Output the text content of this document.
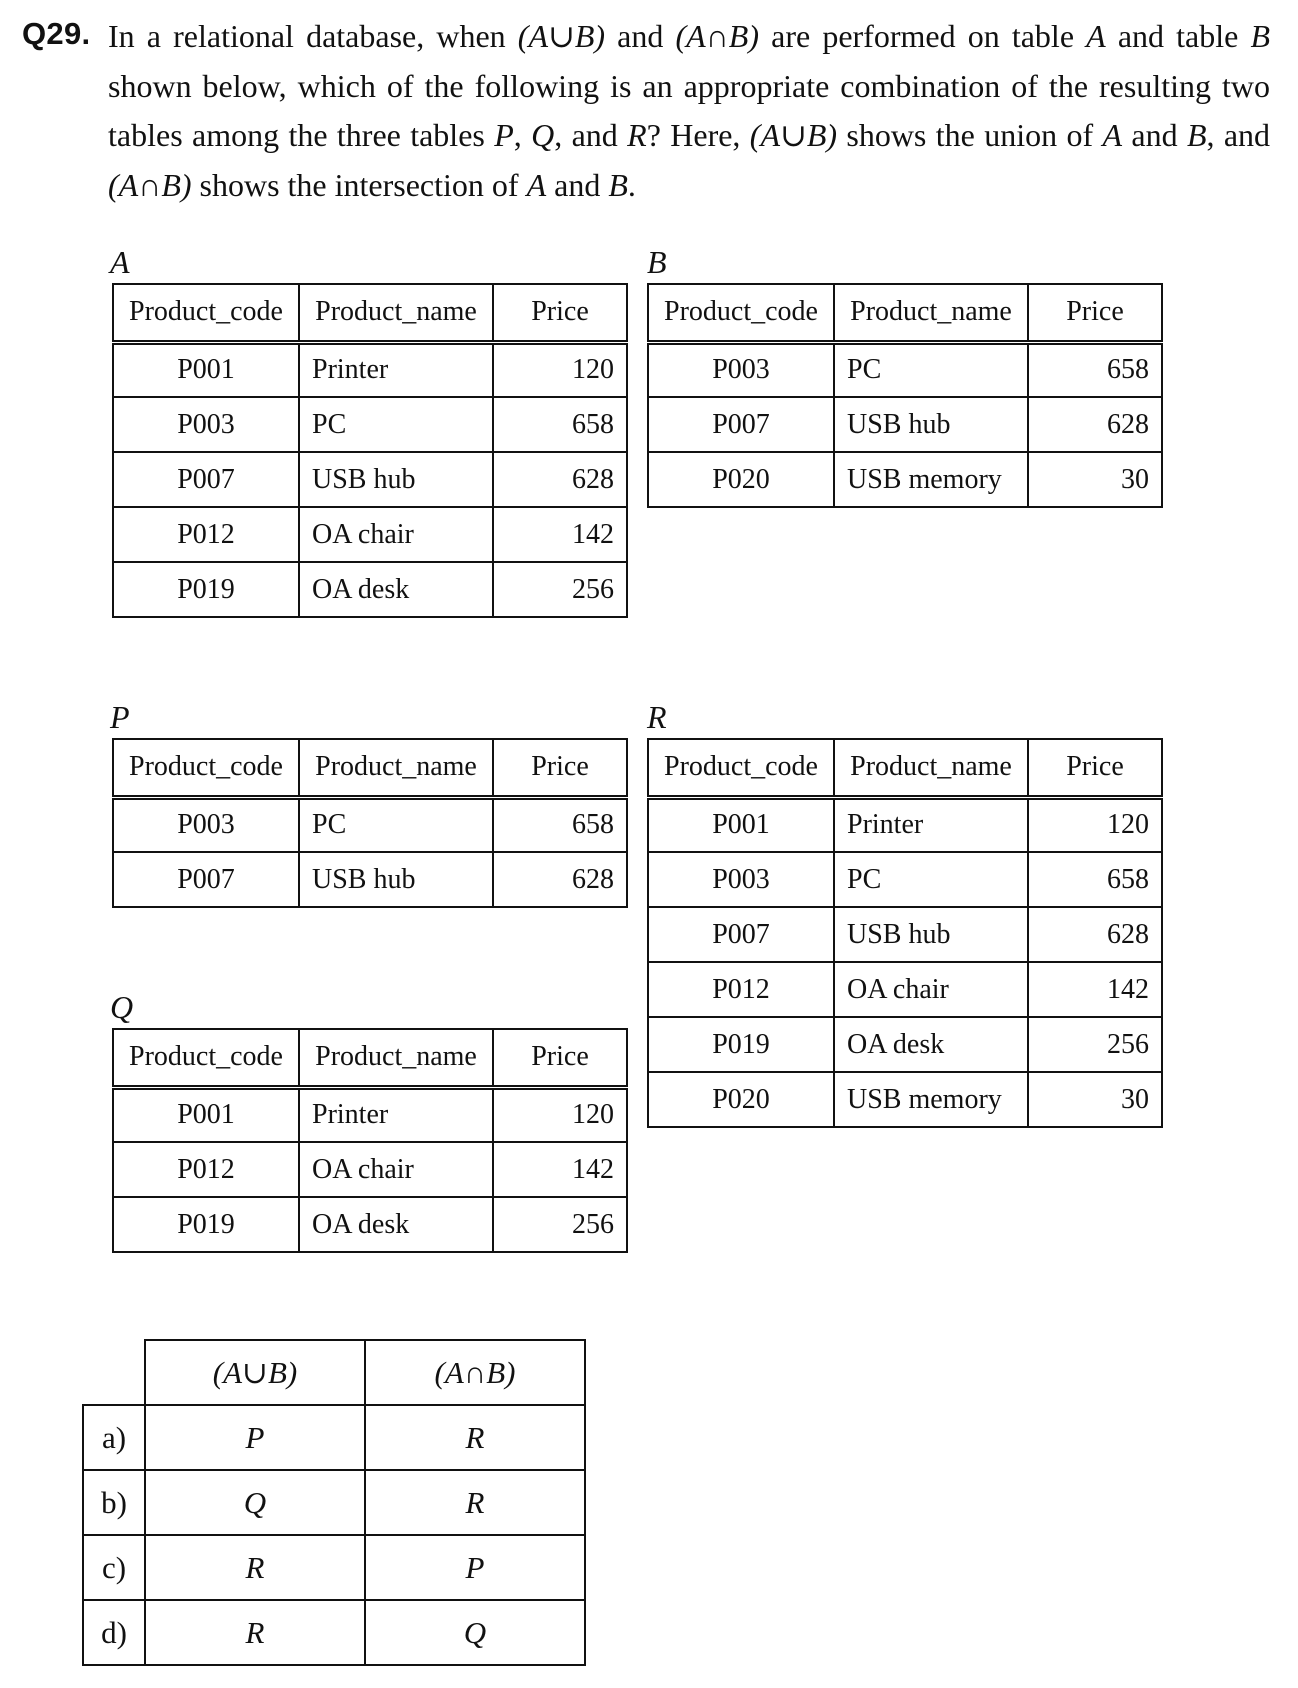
Q29. In a relational database, when (A∪B) and (A∩B) are performed on table A and table B shown below, which of the following is an appropriate combination of the resulting two tables among the three tables P, Q, and R? Here, (A∪B) shows the union of A and B, and (A∩B) shows the intersection of A and B.
A
Product_code	Product_name	Price
P001	Printer	120
P003	PC	658
P007	USB hub	628
P012	OA chair	142
P019	OA desk	256
B
Product_code	Product_name	Price
P003	PC	658
P007	USB hub	628
P020	USB memory	30
P
Product_code	Product_name	Price
P003	PC	658
P007	USB hub	628
R
Product_code	Product_name	Price
P001	Printer	120
P003	PC	658
P007	USB hub	628
P012	OA chair	142
P019	OA desk	256
P020	USB memory	30
Q
Product_code	Product_name	Price
P001	Printer	120
P012	OA chair	142
P019	OA desk	256
	(A∪B)	(A∩B)
a)	P	R
b)	Q	R
c)	R	P
d)	R	Q
